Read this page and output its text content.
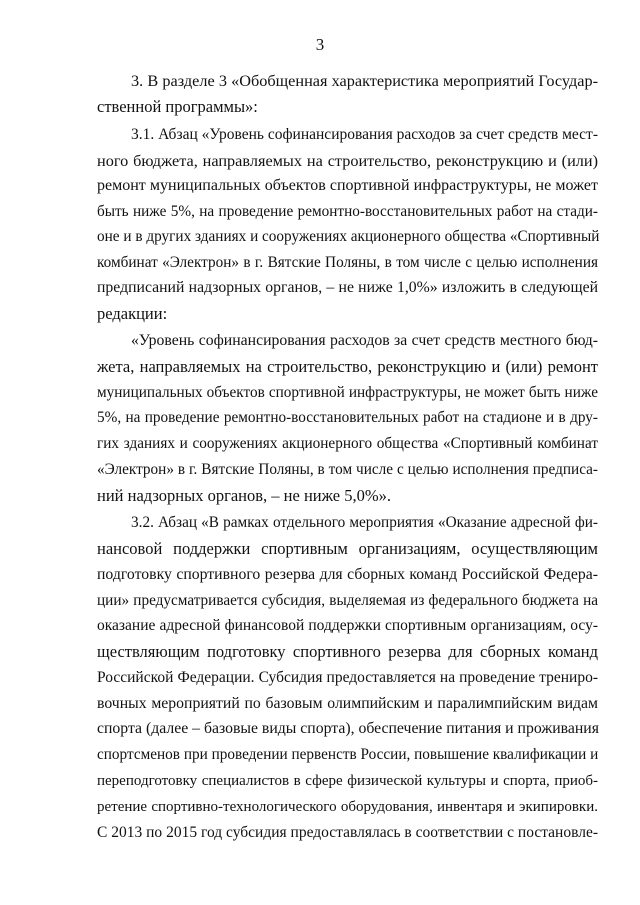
3
3. В разделе 3 «Обобщенная характеристика мероприятий Государ-
ственной программы»:
3.1. Абзац «Уровень софинансирования расходов за счет средств мест-
ного бюджета, направляемых на строительство, реконструкцию и (или)
ремонт муниципальных объектов спортивной инфраструктуры, не может
быть ниже 5%, на проведение ремонтно-восстановительных работ на стади-
оне и в других зданиях и сооружениях акционерного общества «Спортивный
комбинат «Электрон» в г. Вятские Поляны, в том числе с целью исполнения
предписаний надзорных органов, – не ниже 1,0%» изложить в следующей
редакции:
«Уровень софинансирования расходов за счет средств местного бюд-
жета, направляемых на строительство, реконструкцию и (или) ремонт
муниципальных объектов спортивной инфраструктуры, не может быть ниже
5%, на проведение ремонтно-восстановительных работ на стадионе и в дру-
гих зданиях и сооружениях акционерного общества «Спортивный комбинат
«Электрон» в г. Вятские Поляны, в том числе с целью исполнения предписа-
ний надзорных органов, – не ниже 5,0%».
3.2. Абзац «В рамках отдельного мероприятия «Оказание адресной фи-
нансовой поддержки спортивным организациям, осуществляющим
подготовку спортивного резерва для сборных команд Российской Федера-
ции» предусматривается субсидия, выделяемая из федерального бюджета на
оказание адресной финансовой поддержки спортивным организациям, осу-
ществляющим подготовку спортивного резерва для сборных команд
Российской Федерации. Субсидия предоставляется на проведение трениро-
вочных мероприятий по базовым олимпийским и паралимпийским видам
спорта (далее – базовые виды спорта), обеспечение питания и проживания
спортсменов при проведении первенств России, повышение квалификации и
переподготовку специалистов в сфере физической культуры и спорта, приоб-
ретение спортивно-технологического оборудования, инвентаря и экипировки.
С 2013 по 2015 год субсидия предоставлялась в соответствии с постановле-
